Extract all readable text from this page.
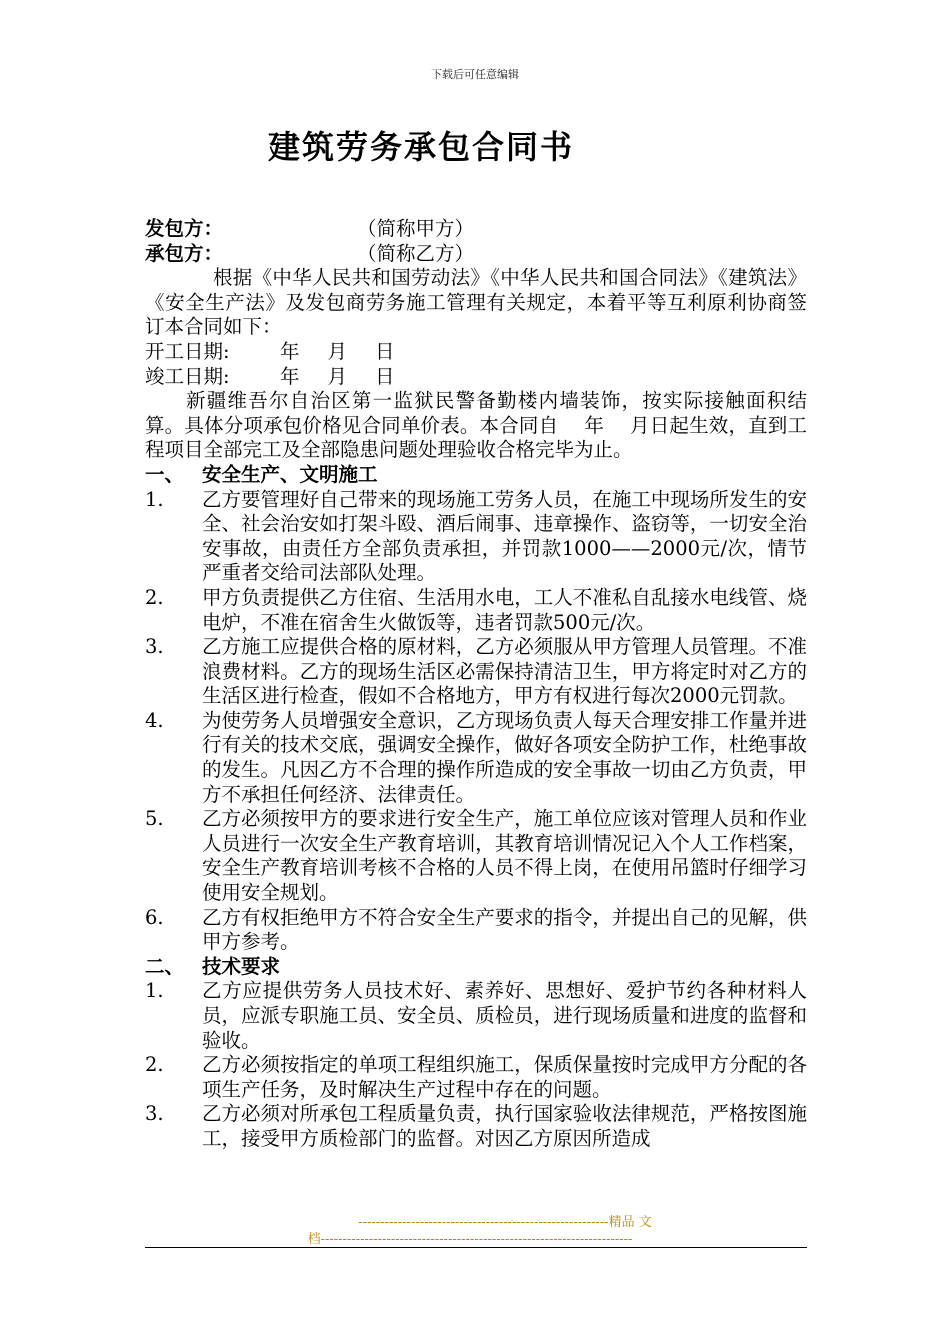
下载后可任意编辑
建筑劳务承包合同书
发包方：	（简称甲方）
承包方：	（简称乙方）
根据《中华人民共和国劳动法》《中华人民共和国合同法》《建筑法》《安全生产法》及发包商劳务施工管理有关规定，本着平等互利原利协商签订本合同如下：
开工日期:	年 月 日
竣工日期:	年 月 日
新疆维吾尔自治区第一监狱民警备勤楼内墙装饰，按实际接触面积结算。具体分项承包价格见合同单价表。本合同自　 年　 月日起生效，直到工程项目全部完工及全部隐患问题处理验收合格完毕为止。
一、 安全生产、文明施工
1.	乙方要管理好自己带来的现场施工劳务人员，在施工中现场所发生的安全、社会治安如打架斗殴、酒后闹事、违章操作、盗窃等，一切安全治安事故，由责任方全部负责承担，并罚款1000——2000元/次，情节严重者交给司法部队处理。
2.	甲方负责提供乙方住宿、生活用水电，工人不准私自乱接水电线管、烧电炉，不准在宿舍生火做饭等，违者罚款500元/次。
3.	乙方施工应提供合格的原材料，乙方必须服从甲方管理人员管理。不准浪费材料。乙方的现场生活区必需保持清洁卫生，甲方将定时对乙方的生活区进行检查，假如不合格地方，甲方有权进行每次2000元罚款。
4.	为使劳务人员增强安全意识，乙方现场负责人每天合理安排工作量并进行有关的技术交底，强调安全操作，做好各项安全防护工作，杜绝事故的发生。凡因乙方不合理的操作所造成的安全事故一切由乙方负责，甲方不承担任何经济、法律责任。
5.	乙方必须按甲方的要求进行安全生产，施工单位应该对管理人员和作业人员进行一次安全生产教育培训，其教育培训情况记入个人工作档案，安全生产教育培训考核不合格的人员不得上岗，在使用吊篮时仔细学习使用安全规划。
6.	乙方有权拒绝甲方不符合安全生产要求的指令，并提出自己的见解，供甲方参考。
二、 技术要求
1.	乙方应提供劳务人员技术好、素养好、思想好、爱护节约各种材料人员，应派专职施工员、安全员、质检员，进行现场质量和进度的监督和验收。
2.	乙方必须按指定的单项工程组织施工，保质保量按时完成甲方分配的各项生产任务，及时解决生产过程中存在的问题。
3.	乙方必须对所承包工程质量负责，执行国家验收法律规范，严格按图施工，接受甲方质检部门的监督。对因乙方原因所造成
---------------------------------------------------------精品 文
档-----------------------------------------------------------------------
